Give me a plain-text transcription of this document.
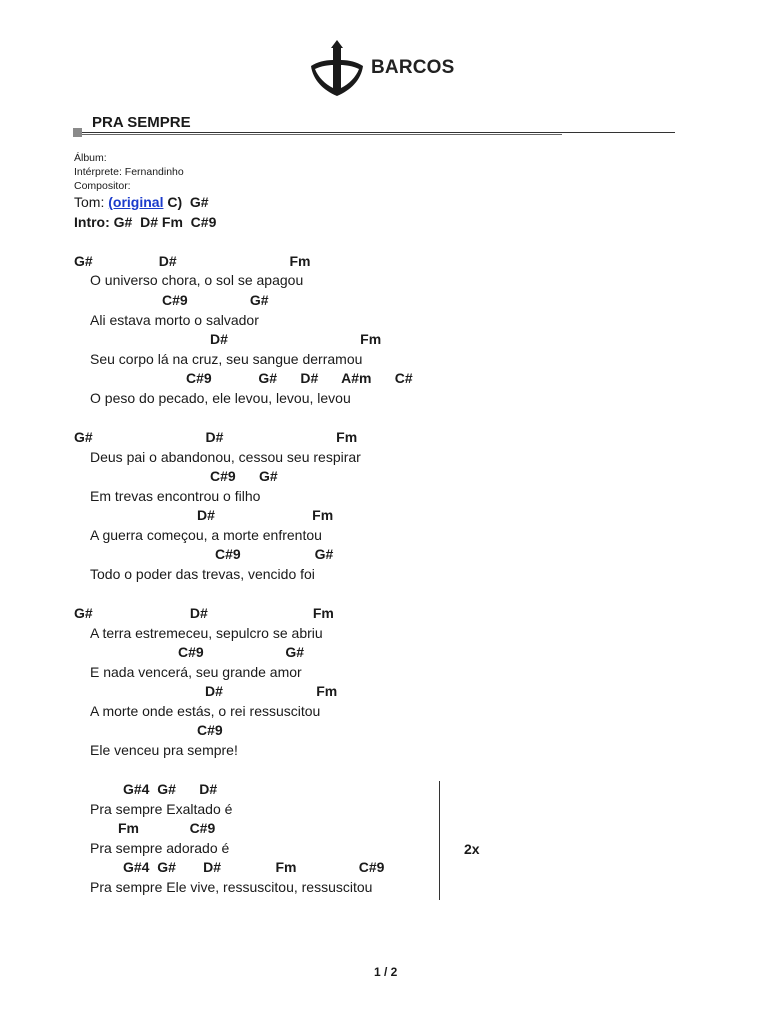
BARCOS
PRA SEMPRE
Álbum:
Intérprete: Fernandinho
Compositor:
Tom: (original C)  G#
Intro: G#  D# Fm  C#9
G#                 D#                             Fm
O universo chora, o sol se apagou
C#9                G#
Ali estava morto o salvador
D#                                  Fm
Seu corpo lá na cruz, seu sangue derramou
C#9            G#      D#      A#m      C#
O peso do pecado, ele levou, levou, levou
G#                             D#                             Fm
Deus pai o abandonou, cessou seu respirar
C#9      G#
Em trevas encontrou o filho
D#                         Fm
A guerra começou, a morte enfrentou
C#9                   G#
Todo o poder das trevas, vencido foi
G#                         D#                           Fm
A terra estremeceu, sepulcro se abriu
C#9                     G#
E nada vencerá, seu grande amor
D#                        Fm
A morte onde estás, o rei ressuscitou
C#9
Ele venceu pra sempre!
G#4  G#      D#
Pra sempre Exaltado é
Fm             C#9
Pra sempre adorado é
G#4  G#       D#              Fm                C#9
Pra sempre Ele vive, ressuscitou, ressuscitou
2x
1 / 2
